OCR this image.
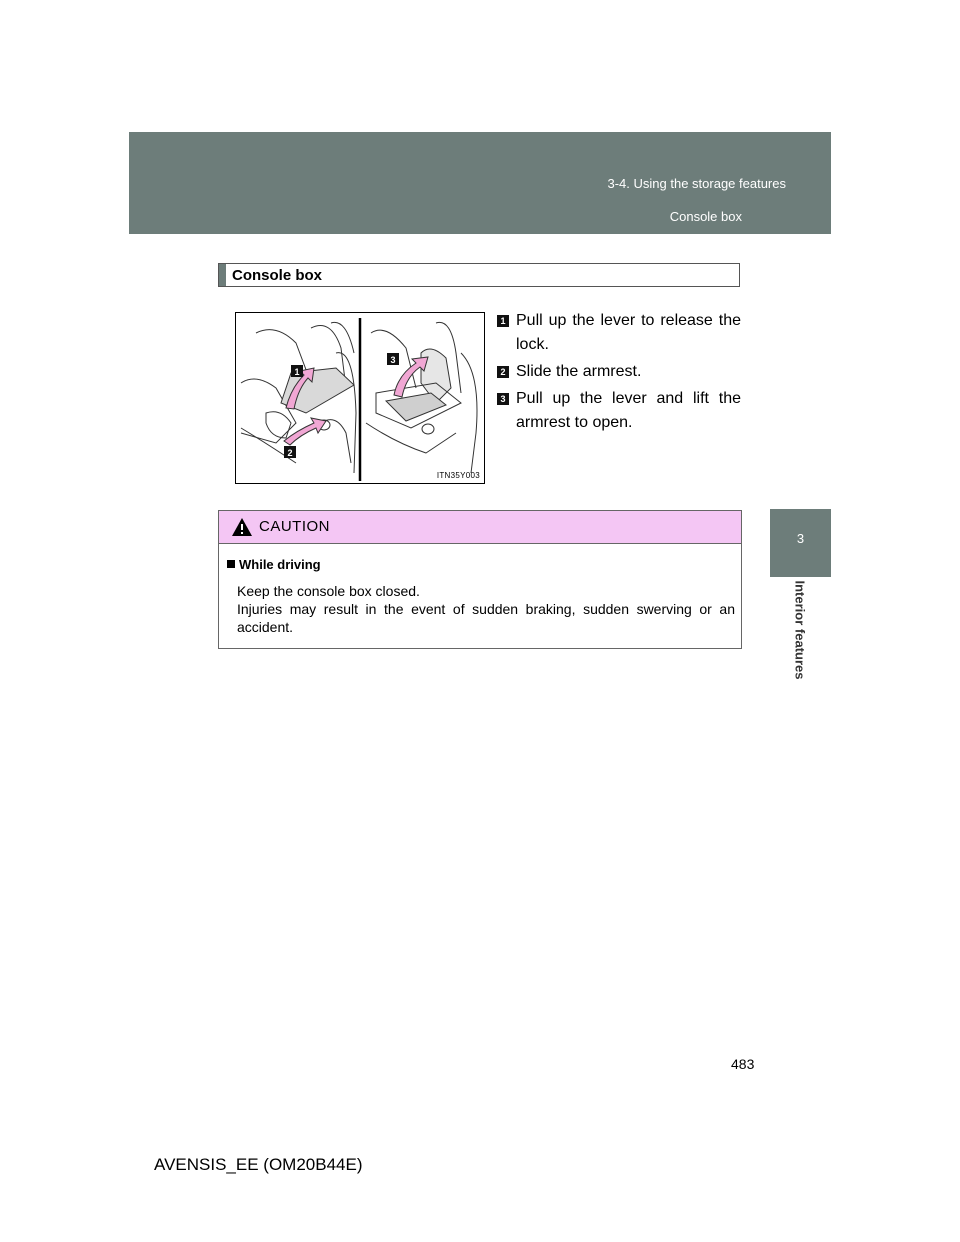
3-4. Using the storage features
Console box
3
Interior features
Console box
1
2
3
ITN35Y003
1 Pull up the lever to release the lock.
2 Slide the armrest.
3 Pull up the lever and lift the armrest to open.
CAUTION
While driving
Keep the console box closed.
Injuries may result in the event of sudden braking, sudden swerving or an accident.
483
AVENSIS_EE (OM20B44E)
